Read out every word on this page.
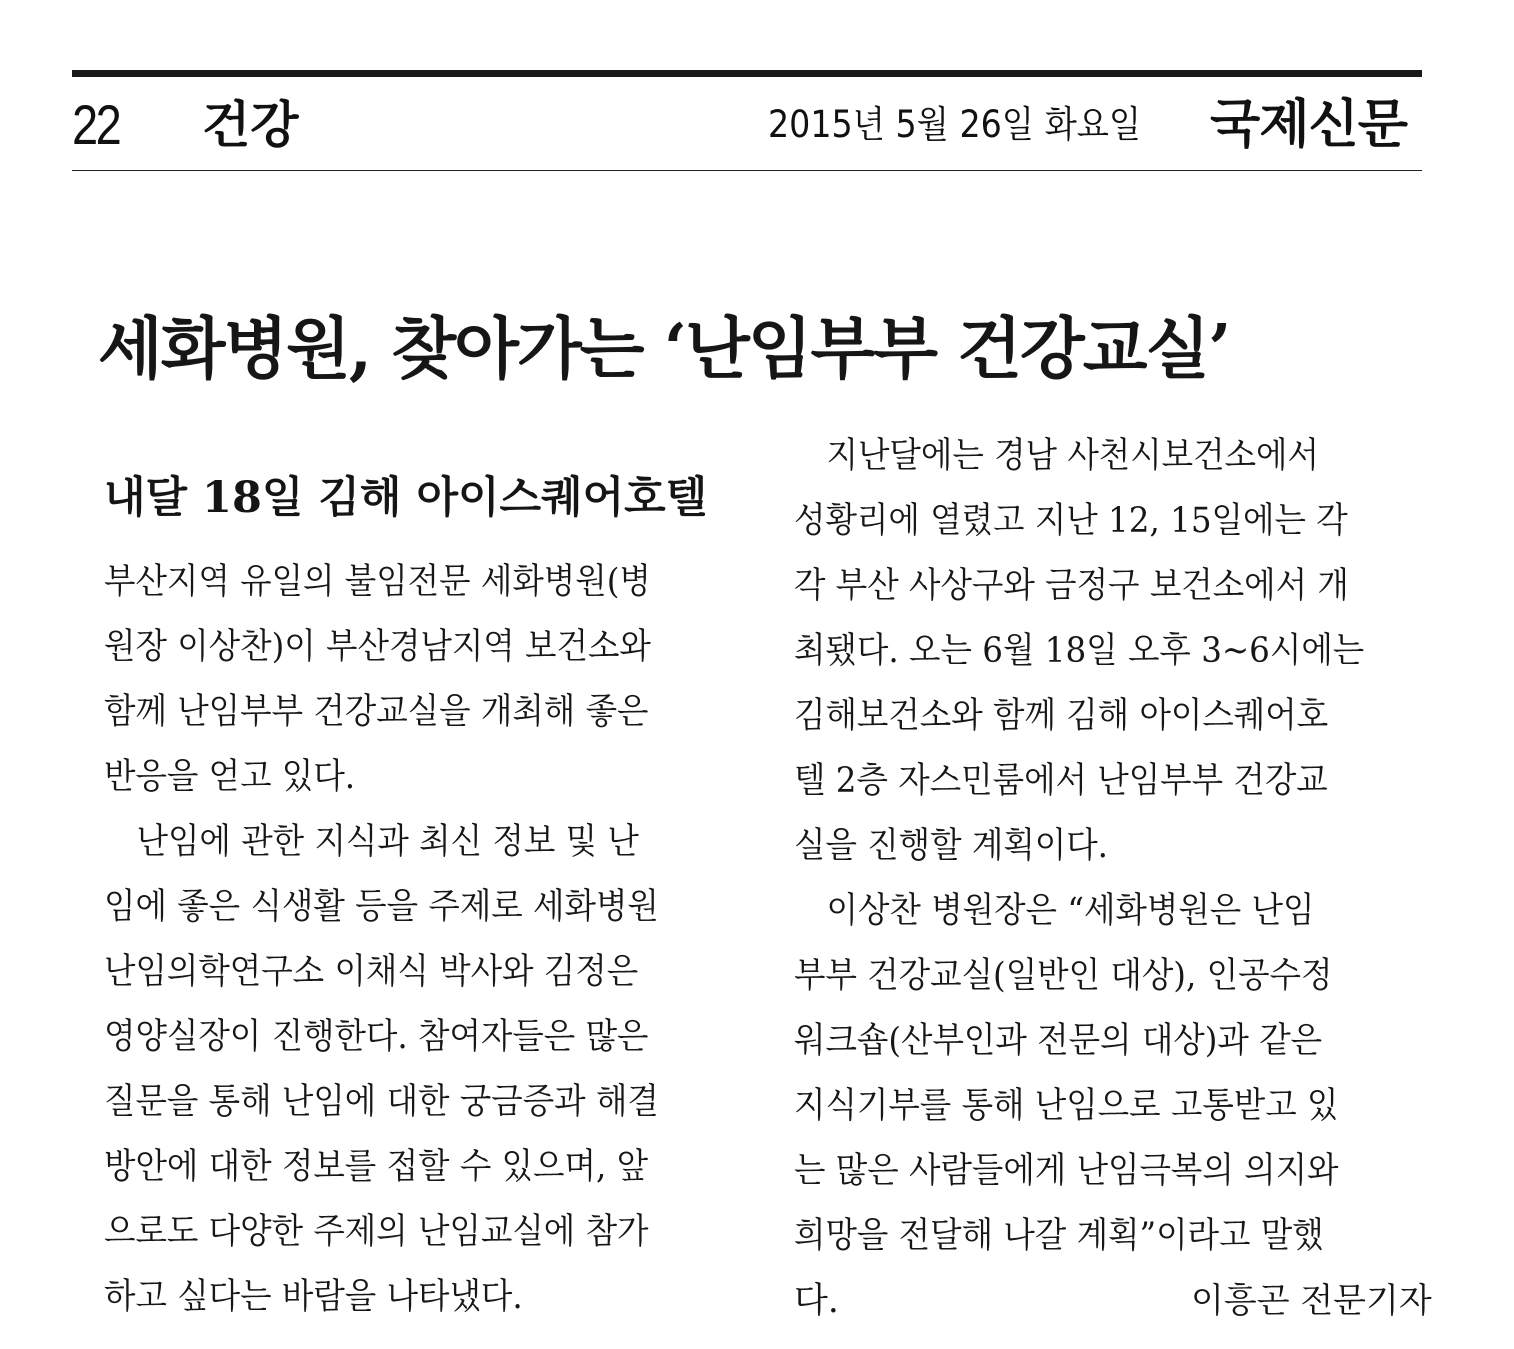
22 건강	2015년 5월 26일 화요일 국제신문
세화병원, 찾아가는 ‘난임부부 건강교실’
내달 18일 김해 아이스퀘어호텔
부산지역 유일의 불임전문 세화병원(병
원장 이상찬)이 부산경남지역 보건소와
함께 난임부부 건강교실을 개최해 좋은
반응을 얻고 있다.
　난임에 관한 지식과 최신 정보 및 난
임에 좋은 식생활 등을 주제로 세화병원
난임의학연구소 이채식 박사와 김정은
영양실장이 진행한다. 참여자들은 많은
질문을 통해 난임에 대한 궁금증과 해결
방안에 대한 정보를 접할 수 있으며, 앞
으로도 다양한 주제의 난임교실에 참가
하고 싶다는 바람을 나타냈다.
　지난달에는 경남 사천시보건소에서
성황리에 열렸고 지난 12, 15일에는 각
각 부산 사상구와 금정구 보건소에서 개
최됐다. 오는 6월 18일 오후 3~6시에는
김해보건소와 함께 김해 아이스퀘어호
텔 2층 자스민룸에서 난임부부 건강교
실을 진행할 계획이다.
　이상찬 병원장은 “세화병원은 난임
부부 건강교실(일반인 대상), 인공수정
워크숍(산부인과 전문의 대상)과 같은
지식기부를 통해 난임으로 고통받고 있
는 많은 사람들에게 난임극복의 의지와
희망을 전달해 나갈 계획”이라고 말했
다.	이흥곤 전문기자
